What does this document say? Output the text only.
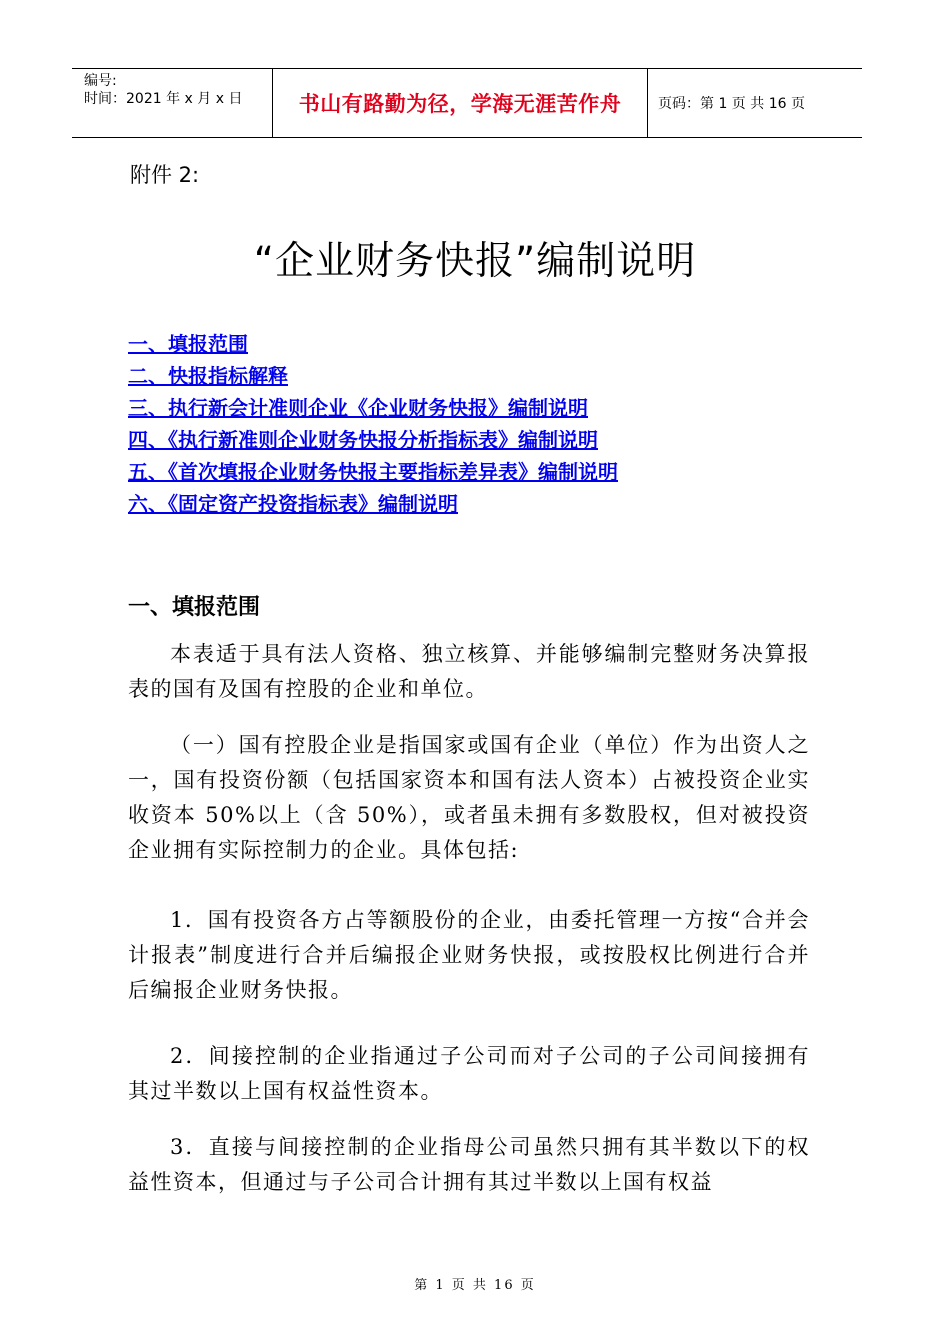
编号:
时间：2021 年 x 月 x 日	书山有路勤为径，学海无涯苦作舟	页码：第 1 页 共 16 页
附件 2:
“企业财务快报”编制说明
一、填报范围
二、快报指标解释
三、执行新会计准则企业《企业财务快报》编制说明
四、《执行新准则企业财务快报分析指标表》编制说明
五、《首次填报企业财务快报主要指标差异表》编制说明
六、《固定资产投资指标表》编制说明
一、填报范围

本表适于具有法人资格、独立核算、并能够编制完整财务决算报表的国有及国有控股的企业和单位。

（一）国有控股企业是指国家或国有企业（单位）作为出资人之一，国有投资份额（包括国家资本和国有法人资本）占被投资企业实收资本 50%以上（含 50%），或者虽未拥有多数股权，但对被投资企业拥有实际控制力的企业。具体包括:

1．国有投资各方占等额股份的企业，由委托管理一方按“合并会计报表”制度进行合并后编报企业财务快报，或按股权比例进行合并后编报企业财务快报。

2．间接控制的企业指通过子公司而对子公司的子公司间接拥有其过半数以上国有权益性资本。

3．直接与间接控制的企业指母公司虽然只拥有其半数以下的权益性资本，但通过与子公司合计拥有其过半数以上国有权益

第 1 页 共 16 页
